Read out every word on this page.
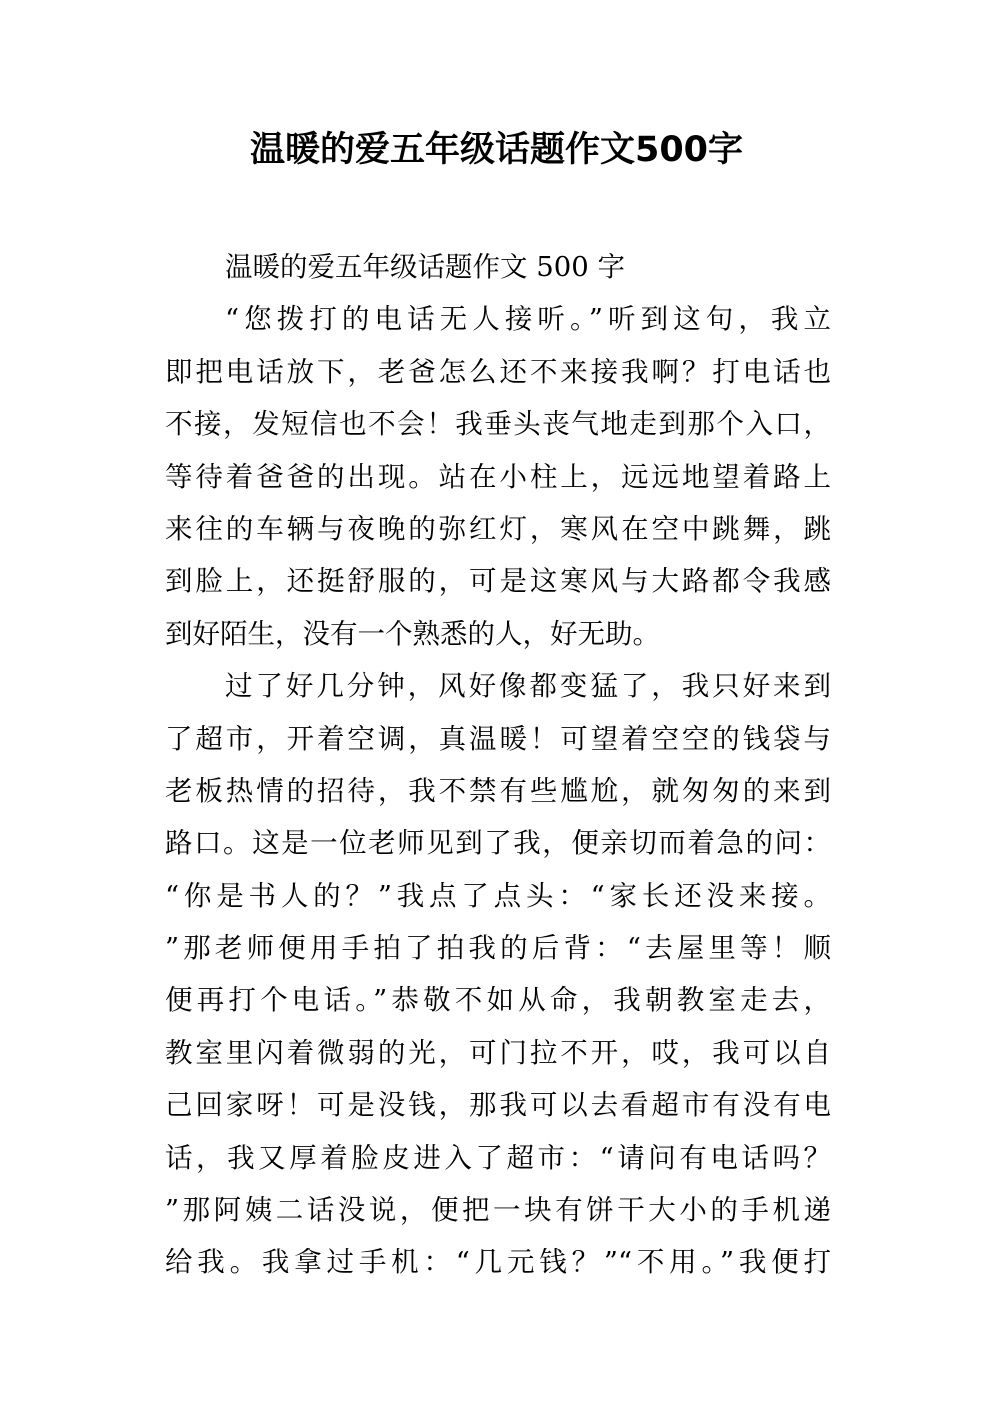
温暖的爱五年级话题作文500字
温暖的爱五年级话题作文 500 字
“您拨打的电话无人接听。”听到这句，我立
即把电话放下，老爸怎么还不来接我啊？打电话也
不接，发短信也不会！我垂头丧气地走到那个入口，
等待着爸爸的出现。站在小柱上，远远地望着路上
来往的车辆与夜晚的弥红灯，寒风在空中跳舞，跳
到脸上，还挺舒服的，可是这寒风与大路都令我感
到好陌生，没有一个熟悉的人，好无助。
过了好几分钟，风好像都变猛了，我只好来到
了超市，开着空调，真温暖！可望着空空的钱袋与
老板热情的招待，我不禁有些尴尬，就匆匆的来到
路口。这是一位老师见到了我，便亲切而着急的问：
“你是书人的？”我点了点头：“家长还没来接。
”那老师便用手拍了拍我的后背：“去屋里等！顺
便再打个电话。”恭敬不如从命，我朝教室走去，
教室里闪着微弱的光，可门拉不开，哎，我可以自
己回家呀！可是没钱，那我可以去看超市有没有电
话，我又厚着脸皮进入了超市：“请问有电话吗？
”那阿姨二话没说，便把一块有饼干大小的手机递
给我。我拿过手机：“几元钱？”“不用。”我便打
